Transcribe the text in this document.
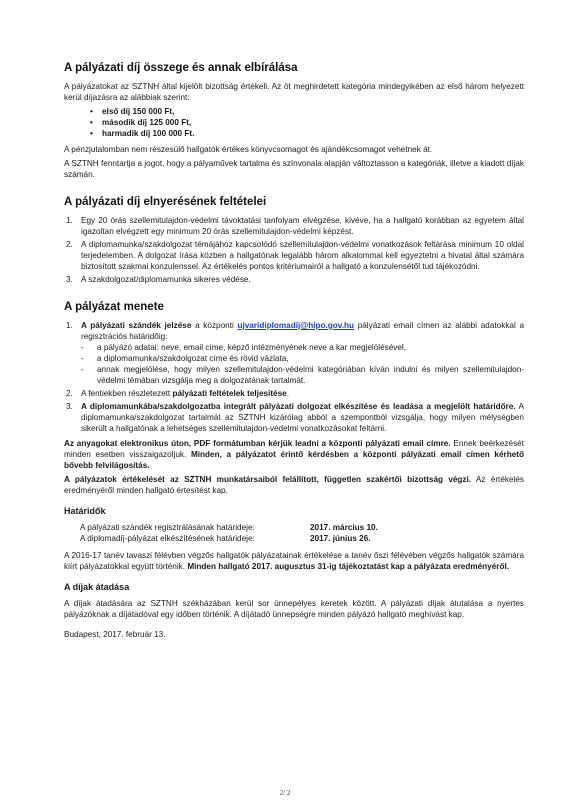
A pályázati díj összege és annak elbírálása

A pályázatokat az SZTNH által kijelölt bizottság értékeli. Az öt meghirdetett kategória mindegyikében az első három helyezett kerül díjazásra az alábbiak szerint:

• első díj 150 000 Ft,
• második díj 125 000 Ft,
• harmadik díj 100 000 Ft.

A pénzjutalomban nem részesülő hallgatók értékes könyvcsomagot és ajándékcsomagot vehetnek át.

A SZTNH fenntartja a jogot, hogy a pályaművek tartalma és színvonala alapján változtasson a kategóriák, illetve a kiadott díjak számán.

A pályázati díj elnyerésének feltételei
1. Egy 20 órás szellemitulajdon-védelmi távoktatási tanfolyam elvégzése, kivéve, ha a hallgató korábban az egyetem által igazoltan elvégzett egy minimum 20 órás szellemitulajdon-védelmi képzést.
2. A diplomamunka/szakdolgozat témájához kapcsolódó szellemitulajdon-védelmi vonatkozások feltárása minimum 10 oldal terjedelemben. A dolgozat írása közben a hallgatónak legalább három alkalommal kell egyeztetni a hivatal által számára biztosított szakmai konzulenssel. Az értékelés pontos kritériumairól a hallgató a konzulensétől tud tájékozódni.
3. A szakdolgozat/diplomamunka sikeres védése.
A pályázat menete
1. A pályázati szándék jelzése a központi ujvaridiplomadij@hipo.gov.hu pályázati email címen az alábbi adatokkal a regisztrációs határidőig:
- a pályázó adatai: neve, email címe, képző intézményének neve a kar megjelölésével,
- a diplomamunka/szakdolgozat címe és rövid vázlata,
- annak megjelölése, hogy milyen szellemitulajdon-védelmi kategóriában kíván indulni és milyen szellemitulajdon-védelmi témában vizsgálja meg a dolgozatának tartalmát.
2. A fentiekben részletezett pályázati feltételek teljesítése.
3. A diplomamunkába/szakdolgozatba integrált pályázati dolgozat elkészítése és leadása a megjelölt határidőre. A diplomamunka/szakdolgozat tartalmát az SZTNH kizárólag abból a szempontból vizsgálja, hogy milyen mélységben sikerült a hallgatónak a lehetséges szellemitulajdon-védelmi vonatkozásokat feltárni.

Az anyagokat elektronikus úton, PDF formátumban kérjük leadni a központi pályázati email címre. Ennek beérkezését minden esetben visszaigazoljuk. Minden, a pályázatot érintő kérdésben a központi pályázati email címen kérhető bővebb felvilágosítás.

A pályázatok értékelését az SZTNH munkatársaiból felállított, független szakértői bizottság végzi. Az értékelés eredményéről minden hallgató értesítést kap.

Határidők
A pályázati szándék regisztrálásának határideje:	2017. március 10.
A diplomadíj-pályázat elkészítésének határideje:	2017. június 26.

A 2016-17 tanév tavaszi félévben végzős hallgatók pályázatainak értékelése a tanév őszi félévében végzős hallgatók számára kiírt pályázatokkal együtt történik. Minden hallgató 2017. augusztus 31-ig tájékoztatást kap a pályázata eredményéről.

A díjak átadása

A díjak átadására az SZTNH székházában kerül sor ünnepélyes keretek között. A pályázati díjak átutalása a nyertes pályázóknak a díjátadóval egy időben történik. A díjátadó ünnepségre minden pályázó hallgató meghívást kap.

Budapest, 2017. február 13.

2/ 2
